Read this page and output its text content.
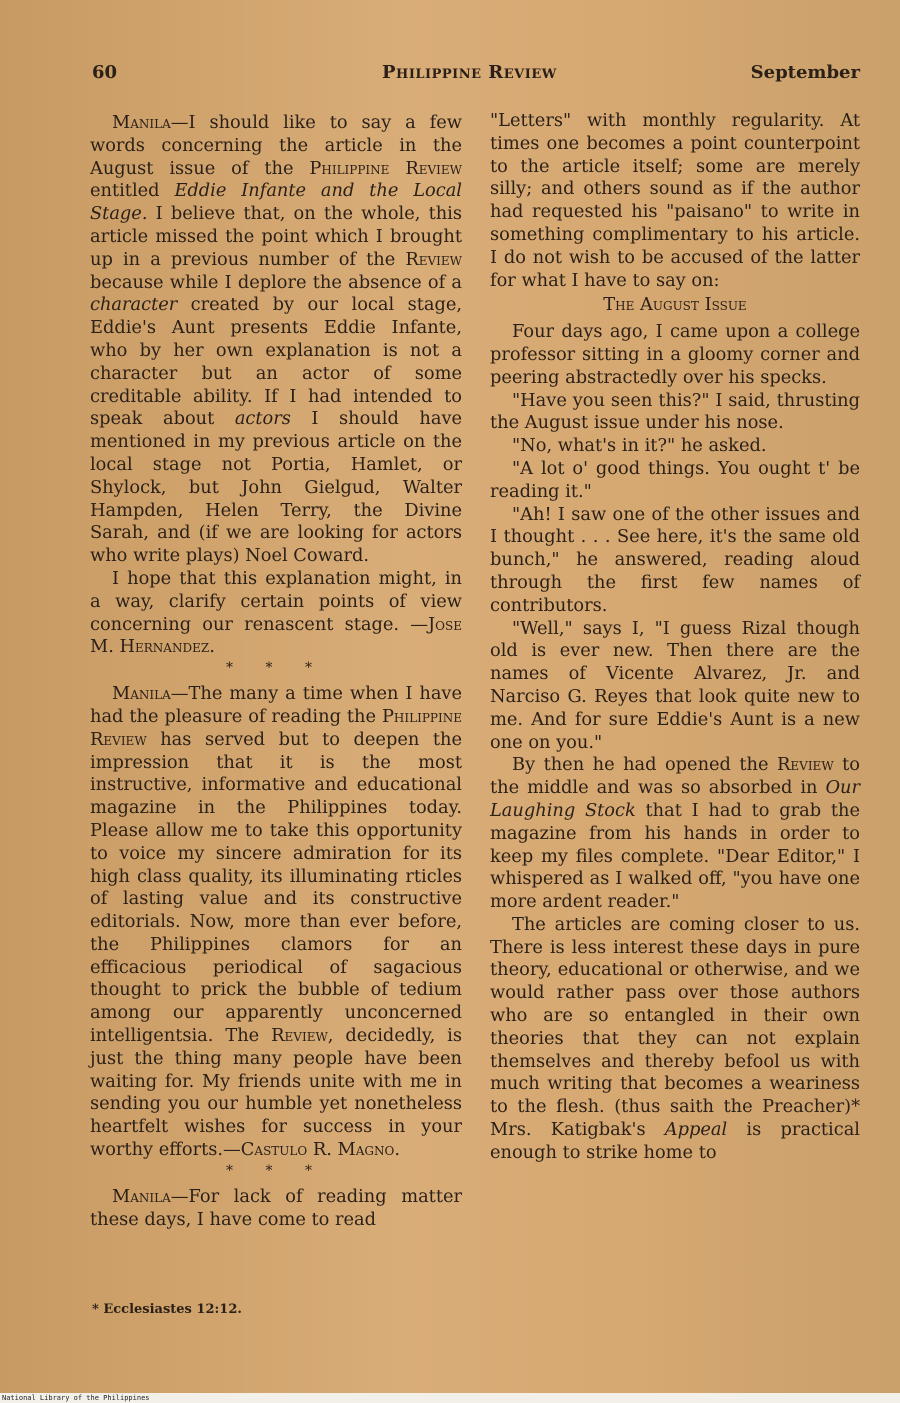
60	Philippine Review	September

Manila—I should like to say a few words concerning the article in the August issue of the Philippine Review entitled Eddie Infante and the Local Stage. I believe that, on the whole, this article missed the point which I brought up in a previous number of the Review because while I deplore the absence of a character created by our local stage, Eddie's Aunt presents Eddie Infante, who by her own explanation is not a character but an actor of some creditable ability. If I had intended to speak about actors I should have mentioned in my previous article on the local stage not Portia, Hamlet, or Shylock, but John Gielgud, Walter Hampden, Helen Terry, the Divine Sarah, and (if we are looking for actors who write plays) Noel Coward.

I hope that this explanation might, in a way, clarify certain points of view concerning our renascent stage. —Jose M. Hernandez.

* * *

Manila—The many a time when I have had the pleasure of reading the Philippine Review has served but to deepen the impression that it is the most instructive, informative and educational magazine in the Philippines today. Please allow me to take this opportunity to voice my sincere admiration for its high class quality, its illuminating rticles of lasting value and its constructive editorials. Now, more than ever before, the Philippines clamors for an efficacious periodical of sagacious thought to prick the bubble of tedium among our apparently unconcerned intelligentsia. The Review, decidedly, is just the thing many people have been waiting for. My friends unite with me in sending you our humble yet nonetheless heartfelt wishes for success in your worthy efforts.—Castulo R. Magno.

* * *

Manila—For lack of reading matter these days, I have come to read

"Letters" with monthly regularity. At times one becomes a point counterpoint to the article itself; some are merely silly; and others sound as if the author had requested his "paisano" to write in something complimentary to his article. I do not wish to be accused of the latter for what I have to say on:

The August Issue

Four days ago, I came upon a college professor sitting in a gloomy corner and peering abstractedly over his specks.

"Have you seen this?" I said, thrusting the August issue under his nose.

"No, what's in it?" he asked.

"A lot o' good things. You ought t' be reading it."

"Ah! I saw one of the other issues and I thought . . . See here, it's the same old bunch," he answered, reading aloud through the first few names of contributors.

"Well," says I, "I guess Rizal though old is ever new. Then there are the names of Vicente Alvarez, Jr. and Narciso G. Reyes that look quite new to me. And for sure Eddie's Aunt is a new one on you."

By then he had opened the Review to the middle and was so absorbed in Our Laughing Stock that I had to grab the magazine from his hands in order to keep my files complete. "Dear Editor," I whispered as I walked off, "you have one more ardent reader."

The articles are coming closer to us. There is less interest these days in pure theory, educational or otherwise, and we would rather pass over those authors who are so entangled in their own theories that they can not explain themselves and thereby befool us with much writing that becomes a weariness to the flesh. (thus saith the Preacher)* Mrs. Katigbak's Appeal is practical enough to strike home to

* Ecclesiastes 12:12.
National Library of the Philippines
